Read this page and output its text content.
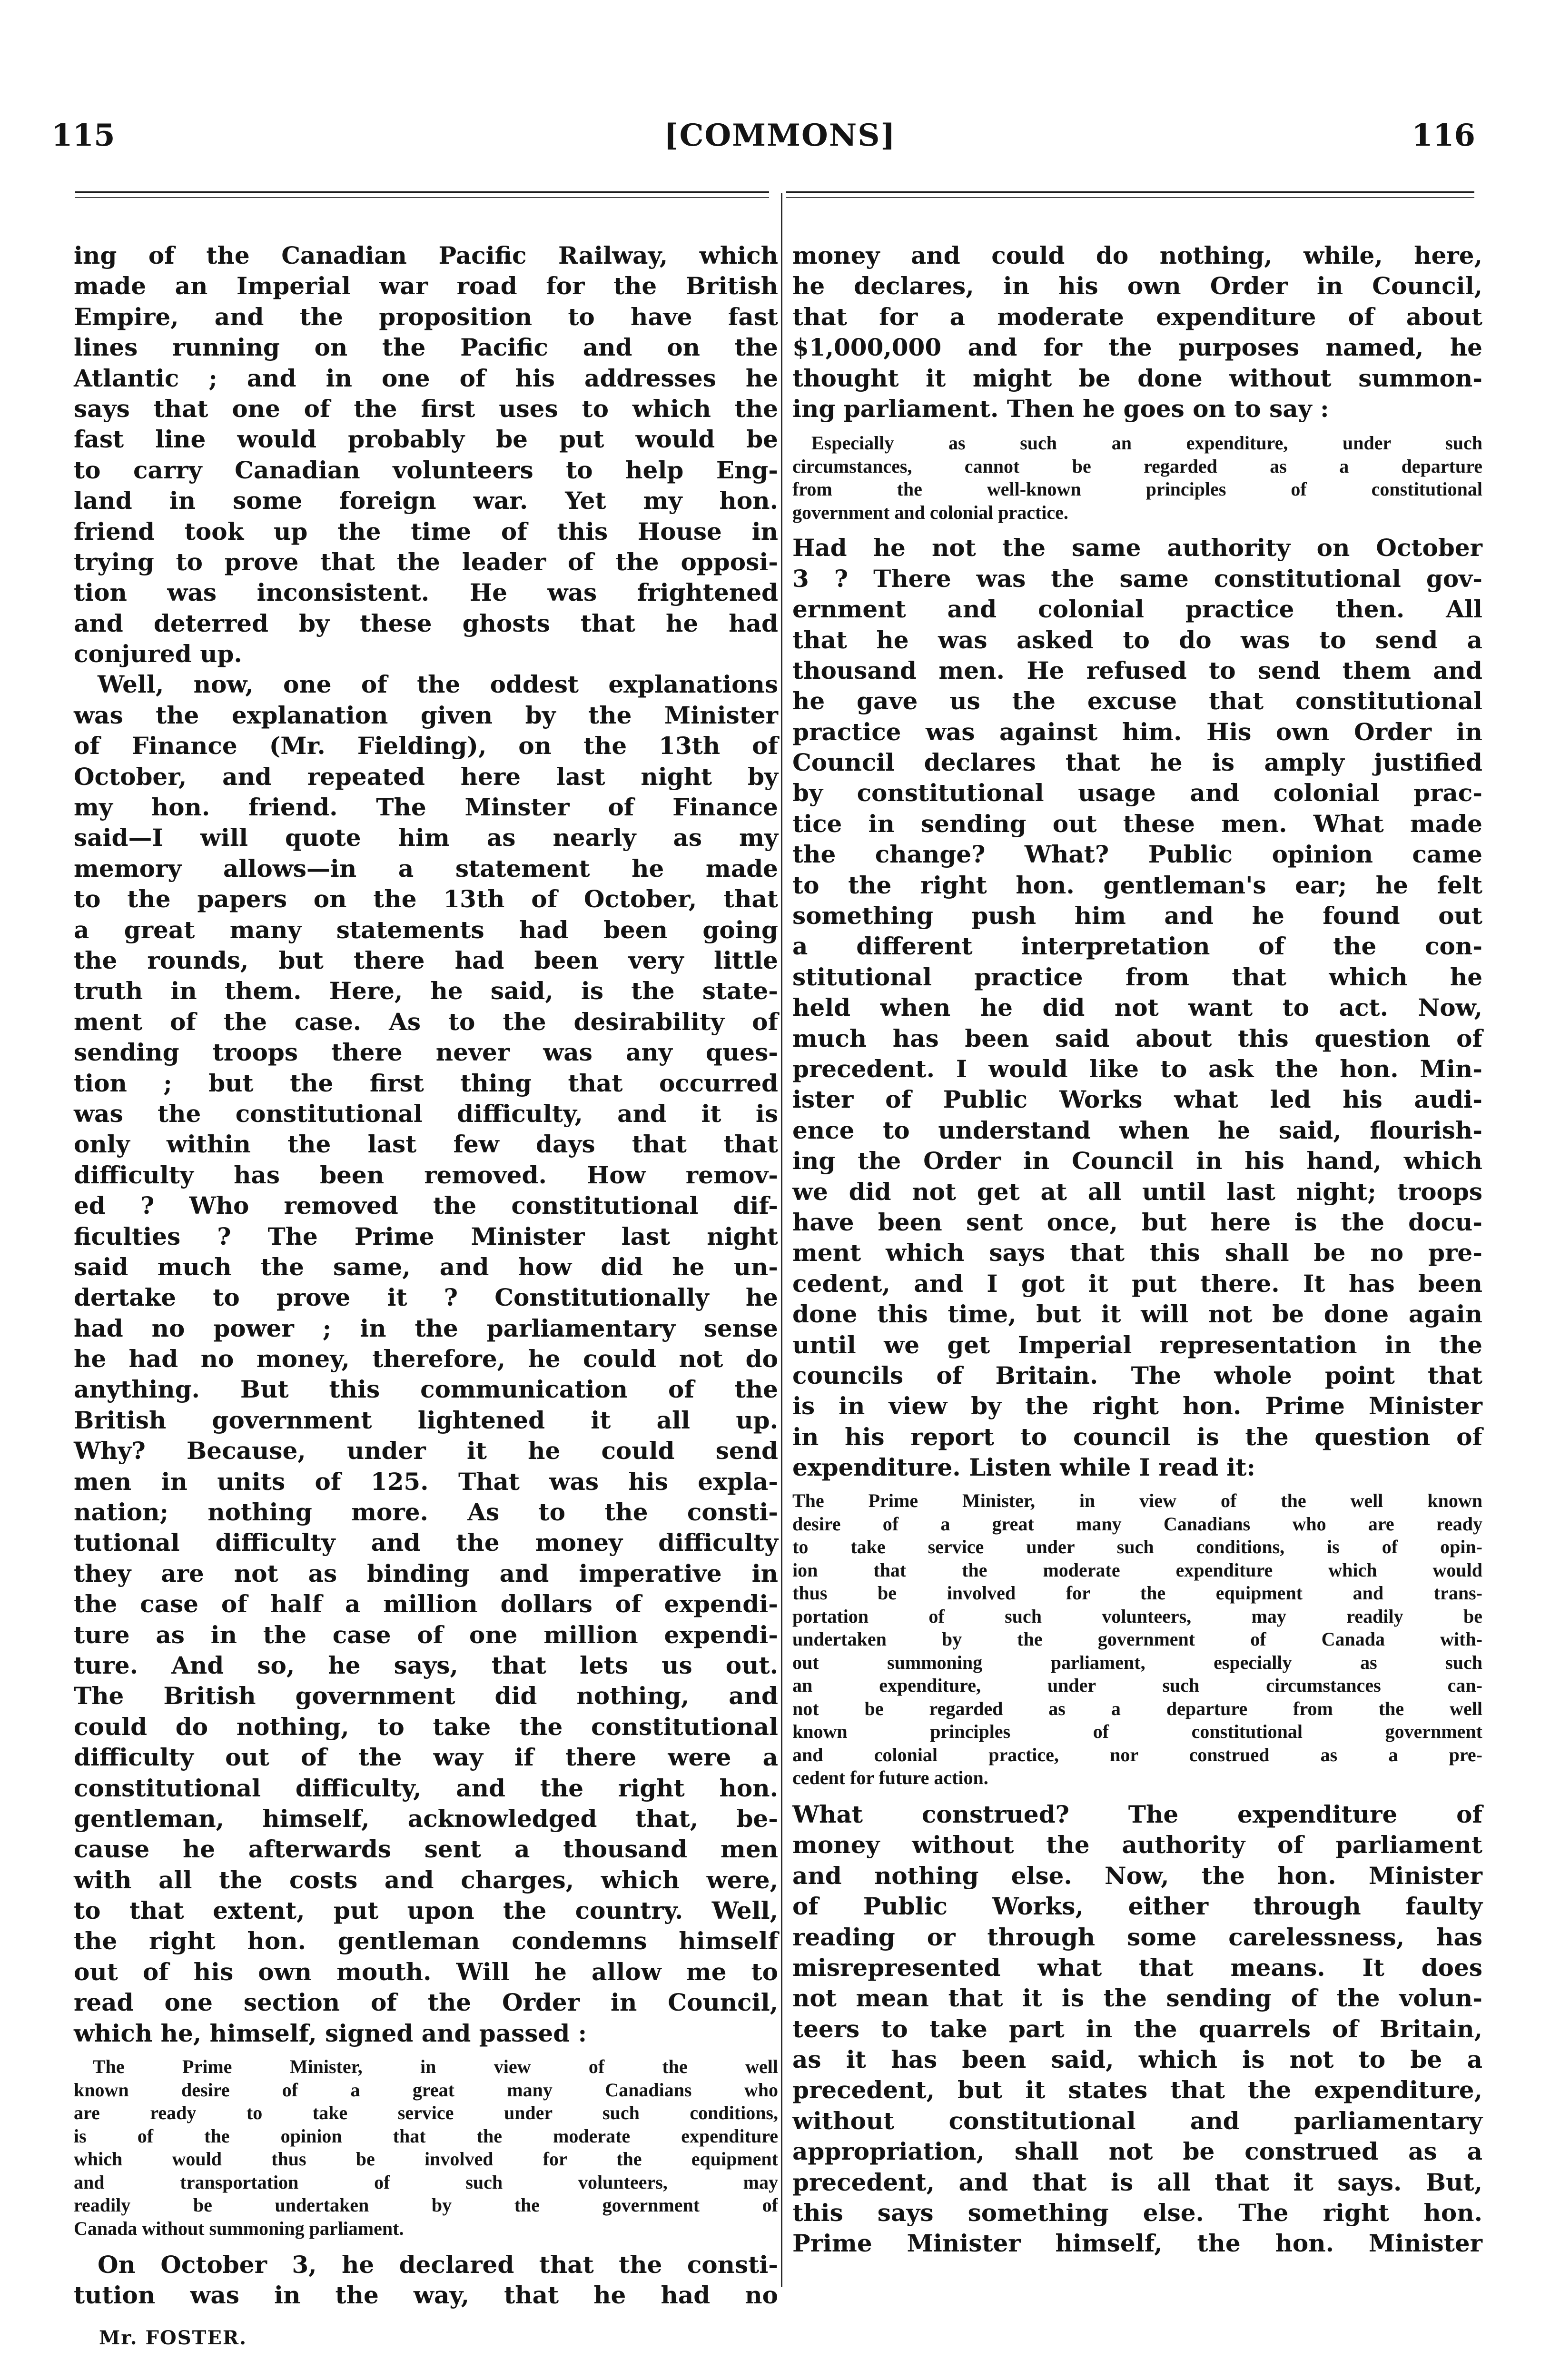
115	[COMMONS]	116
ing of the Canadian Pacific Railway, which
made an Imperial war road for the British
Empire, and the proposition to have fast
lines running on the Pacific and on the
Atlantic ; and in one of his addresses he
says that one of the first uses to which the
fast line would probably be put would be
to carry Canadian volunteers to help Eng-
land in some foreign war. Yet my hon.
friend took up the time of this House in
trying to prove that the leader of the opposi-
tion was inconsistent. He was frightened
and deterred by these ghosts that he had
conjured up.
Well, now, one of the oddest explanations
was the explanation given by the Minister
of Finance (Mr. Fielding), on the 13th of
October, and repeated here last night by
my hon. friend. The Minster of Finance
said—I will quote him as nearly as my
memory allows—in a statement he made
to the papers on the 13th of October, that
a great many statements had been going
the rounds, but there had been very little
truth in them. Here, he said, is the state-
ment of the case. As to the desirability of
sending troops there never was any ques-
tion ; but the first thing that occurred
was the constitutional difficulty, and it is
only within the last few days that that
difficulty has been removed. How remov-
ed ? Who removed the constitutional dif-
ficulties ? The Prime Minister last night
said much the same, and how did he un-
dertake to prove it ? Constitutionally he
had no power ; in the parliamentary sense
he had no money, therefore, he could not do
anything. But this communication of the
British government lightened it all up.
Why? Because, under it he could send
men in units of 125. That was his expla-
nation; nothing more. As to the consti-
tutional difficulty and the money difficulty
they are not as binding and imperative in
the case of half a million dollars of expendi-
ture as in the case of one million expendi-
ture. And so, he says, that lets us out.
The British government did nothing, and
could do nothing, to take the constitutional
difficulty out of the way if there were a
constitutional difficulty, and the right hon.
gentleman, himself, acknowledged that, be-
cause he afterwards sent a thousand men
with all the costs and charges, which were,
to that extent, put upon the country. Well,
the right hon. gentleman condemns himself
out of his own mouth. Will he allow me to
read one section of the Order in Council,
which he, himself, signed and passed :
The Prime Minister, in view of the well
known desire of a great many Canadians who
are ready to take service under such conditions,
is of the opinion that the moderate expenditure
which would thus be involved for the equipment
and transportation of such volunteers, may
readily be undertaken by the government of
Canada without summoning parliament.
On October 3, he declared that the consti-
tution was in the way, that he had no
Mr. FOSTER.
money and could do nothing, while, here,
he declares, in his own Order in Council,
that for a moderate expenditure of about
$1,000,000 and for the purposes named, he
thought it might be done without summon-
ing parliament. Then he goes on to say :
Especially as such an expenditure, under such
circumstances, cannot be regarded as a departure
from the well-known principles of constitutional
government and colonial practice.
Had he not the same authority on October
3 ? There was the same constitutional gov-
ernment and colonial practice then. All
that he was asked to do was to send a
thousand men. He refused to send them and
he gave us the excuse that constitutional
practice was against him. His own Order in
Council declares that he is amply justified
by constitutional usage and colonial prac-
tice in sending out these men. What made
the change? What? Public opinion came
to the right hon. gentleman's ear; he felt
something push him and he found out
a different interpretation of the con-
stitutional practice from that which he
held when he did not want to act. Now,
much has been said about this question of
precedent. I would like to ask the hon. Min-
ister of Public Works what led his audi-
ence to understand when he said, flourish-
ing the Order in Council in his hand, which
we did not get at all until last night; troops
have been sent once, but here is the docu-
ment which says that this shall be no pre-
cedent, and I got it put there. It has been
done this time, but it will not be done again
until we get Imperial representation in the
councils of Britain. The whole point that
is in view by the right hon. Prime Minister
in his report to council is the question of
expenditure. Listen while I read it:
The Prime Minister, in view of the well known
desire of a great many Canadians who are ready
to take service under such conditions, is of opin-
ion that the moderate expenditure which would
thus be involved for the equipment and trans-
portation of such volunteers, may readily be
undertaken by the government of Canada with-
out summoning parliament, especially as such
an expenditure, under such circumstances can-
not be regarded as a departure from the well
known principles of constitutional government
and colonial practice, nor construed as a pre-
cedent for future action.
What construed? The expenditure of
money without the authority of parliament
and nothing else. Now, the hon. Minister
of Public Works, either through faulty
reading or through some carelessness, has
misrepresented what that means. It does
not mean that it is the sending of the volun-
teers to take part in the quarrels of Britain,
as it has been said, which is not to be a
precedent, but it states that the expenditure,
without constitutional and parliamentary
appropriation, shall not be construed as a
precedent, and that is all that it says. But,
this says something else. The right hon.
Prime Minister himself, the hon. Minister
